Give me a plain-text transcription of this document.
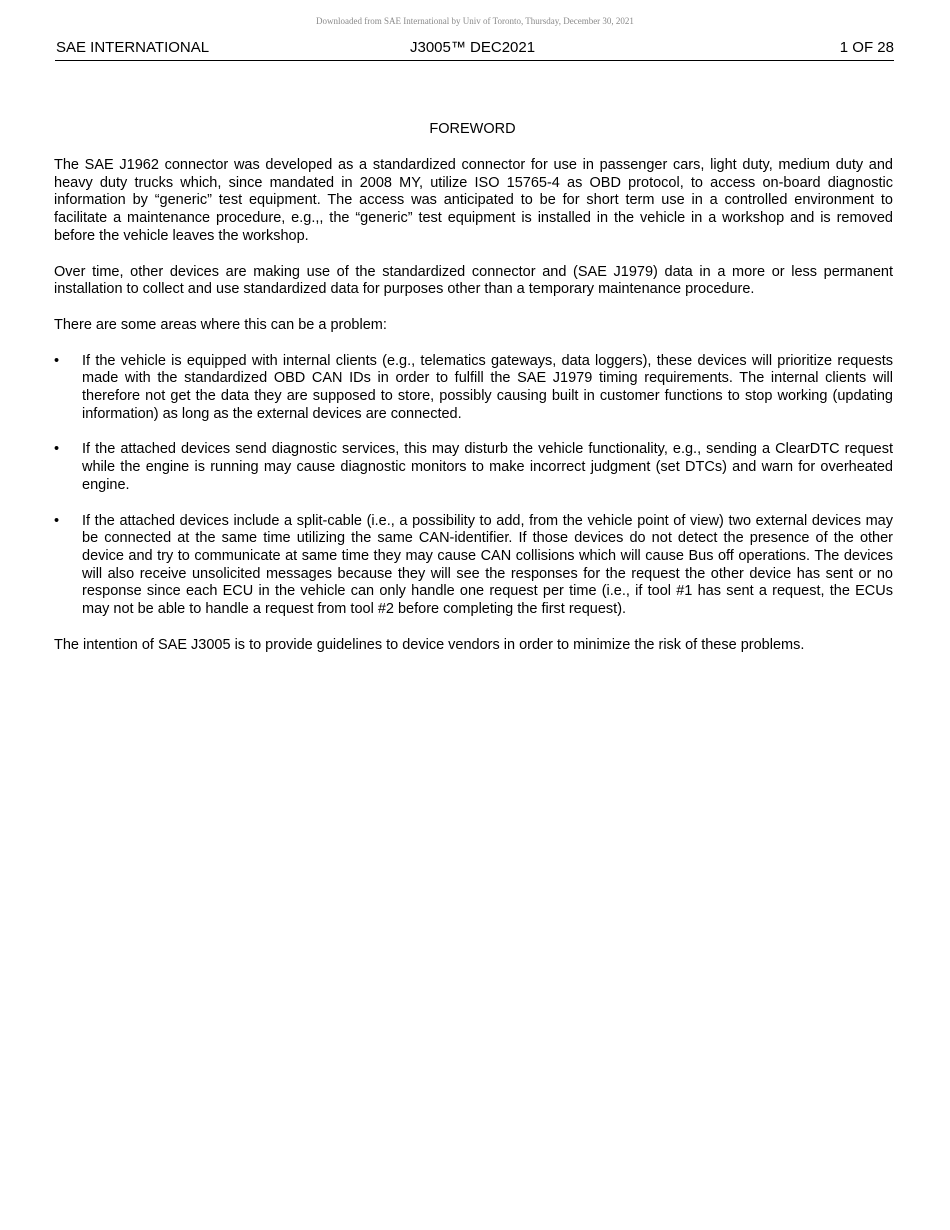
Downloaded from SAE International by Univ of Toronto, Thursday, December 30, 2021
SAE INTERNATIONAL	J3005™ DEC2021	1 OF 28
FOREWORD

The SAE J1962 connector was developed as a standardized connector for use in passenger cars, light duty, medium duty and heavy duty trucks which, since mandated in 2008 MY, utilize ISO 15765-4 as OBD protocol, to access on-board diagnostic information by “generic” test equipment. The access was anticipated to be for short term use in a controlled environment to facilitate a maintenance procedure, e.g.,, the “generic” test equipment is installed in the vehicle in a workshop and is removed before the vehicle leaves the workshop.

Over time, other devices are making use of the standardized connector and (SAE J1979) data in a more or less permanent installation to collect and use standardized data for purposes other than a temporary maintenance procedure.

There are some areas where this can be a problem:

• If the vehicle is equipped with internal clients (e.g., telematics gateways, data loggers), these devices will prioritize requests made with the standardized OBD CAN IDs in order to fulfill the SAE J1979 timing requirements. The internal clients will therefore not get the data they are supposed to store, possibly causing built in customer functions to stop working (updating information) as long as the external devices are connected.
• If the attached devices send diagnostic services, this may disturb the vehicle functionality, e.g., sending a ClearDTC request while the engine is running may cause diagnostic monitors to make incorrect judgment (set DTCs) and warn for overheated engine.
• If the attached devices include a split-cable (i.e., a possibility to add, from the vehicle point of view) two external devices may be connected at the same time utilizing the same CAN-identifier. If those devices do not detect the presence of the other device and try to communicate at same time they may cause CAN collisions which will cause Bus off operations. The devices will also receive unsolicited messages because they will see the responses for the request the other device has sent or no response since each ECU in the vehicle can only handle one request per time (i.e., if tool #1 has sent a request, the ECUs may not be able to handle a request from tool #2 before completing the first request).

The intention of SAE J3005 is to provide guidelines to device vendors in order to minimize the risk of these problems.
